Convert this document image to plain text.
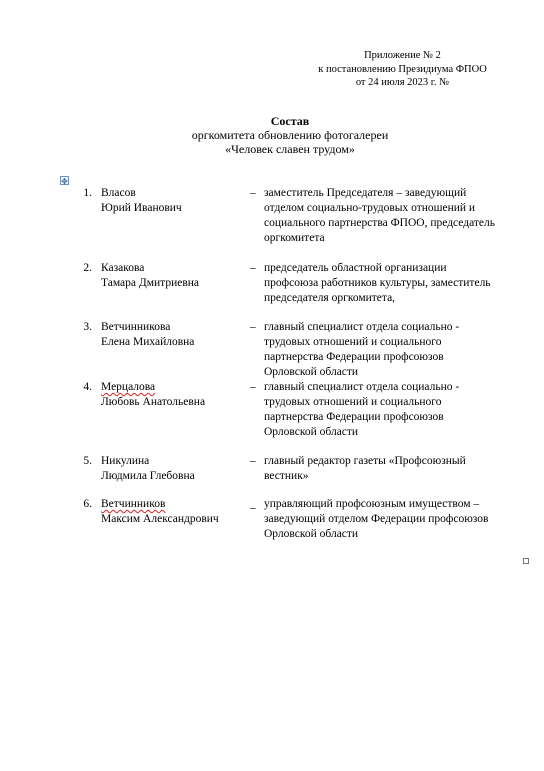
Приложение № 2
к постановлению Президиума ФПОО
от 24 июля 2023 г. №
Состав
оргкомитета обновлению фотогалереи
«Человек славен трудом»
✥
1. Власов
Юрий Иванович
– заместитель Председателя – заведующий
отделом социально-трудовых отношений и
социального партнерства ФПОО, председатель
оргкомитета
2. Казакова
Тамара Дмитриевна
– председатель областной организации
профсоюза работников культуры, заместитель
председателя оргкомитета,
3. Ветчинникова
Елена Михайловна
– главный специалист отдела социально -
трудовых отношений и социального
партнерства Федерации профсоюзов
Орловской области
4. Мерцалова
Любовь Анатольевна
– главный специалист отдела социально -
трудовых отношений и социального
партнерства Федерации профсоюзов
Орловской области
5. Никулина
Людмила Глебовна
– главный редактор газеты «Профсоюзный
вестник»
6. Ветчинников
Максим Александрович
_ управляющий профсоюзным имуществом –
заведующий отделом Федерации профсоюзов
Орловской области
